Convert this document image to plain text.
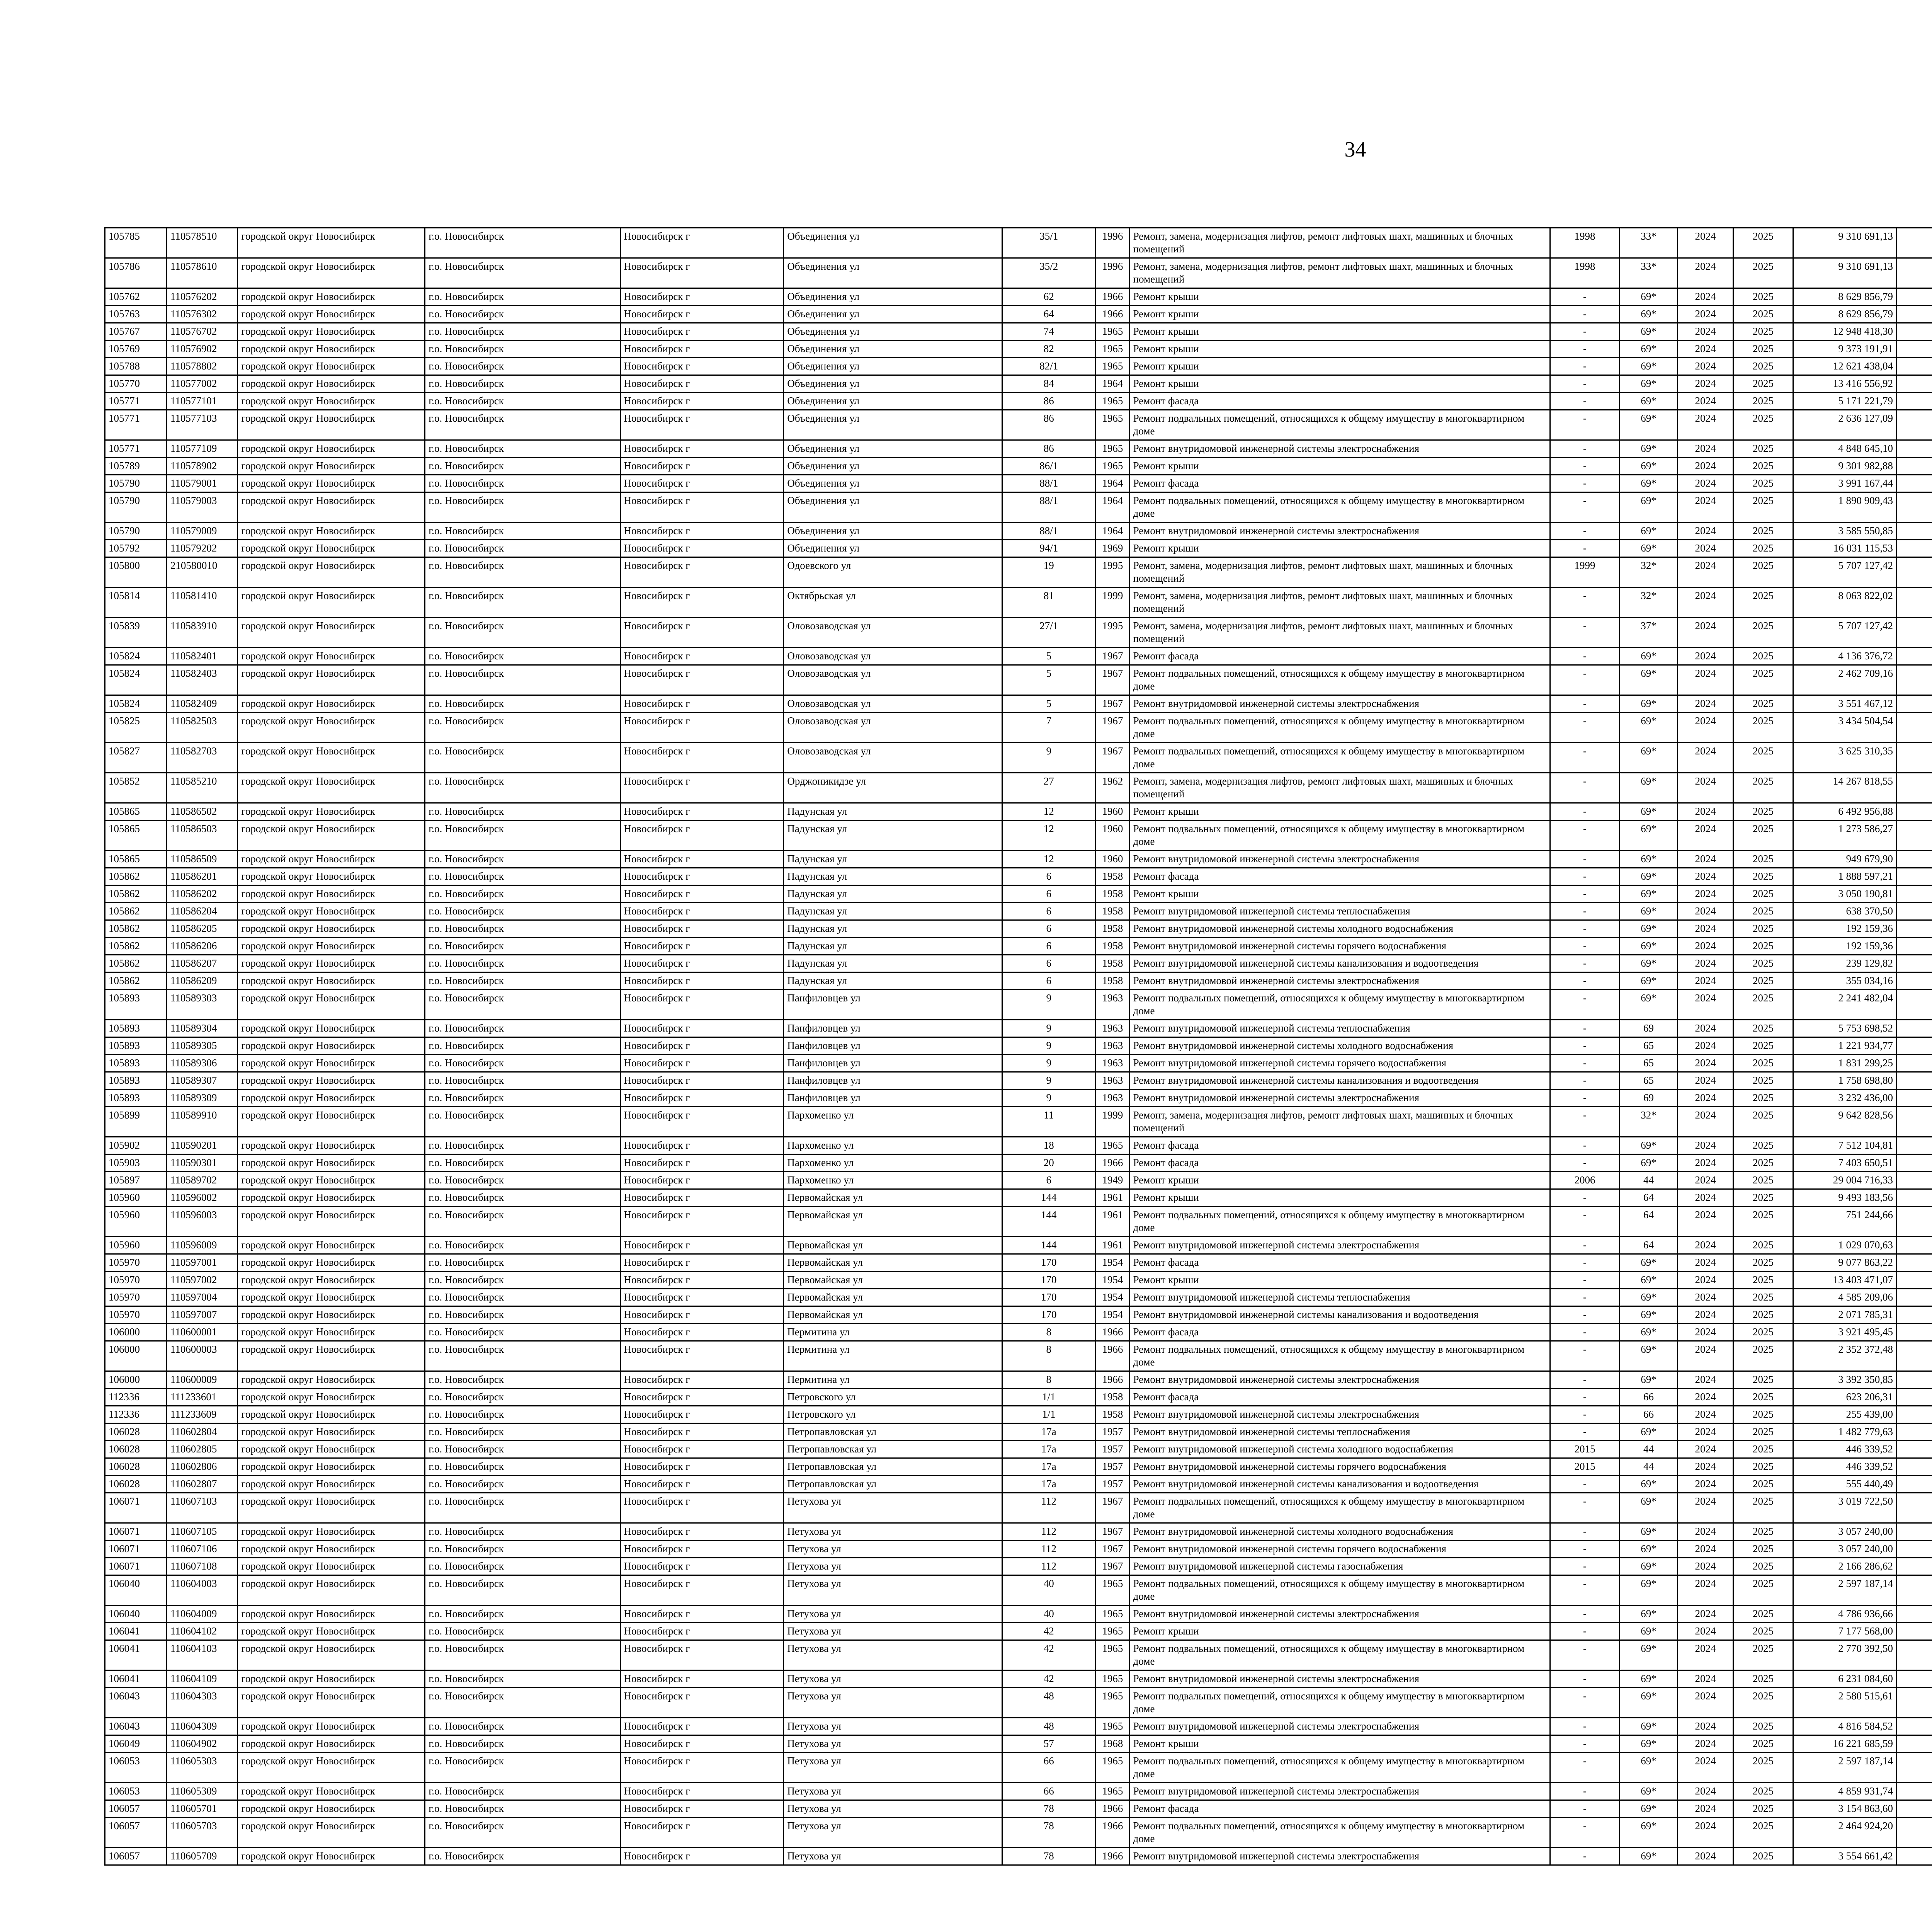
34
105785	110578510	городской округ Новосибирск	г.о. Новосибирск	Новосибирск г	Объединения ул	35/1	1996	Ремонт, замена, модернизация лифтов, ремонт лифтовых шахт, машинных и блочных помещений	1998	33*	2024	2025	9 310 691,13							
105786	110578610	городской округ Новосибирск	г.о. Новосибирск	Новосибирск г	Объединения ул	35/2	1996	Ремонт, замена, модернизация лифтов, ремонт лифтовых шахт, машинных и блочных помещений	1998	33*	2024	2025	9 310 691,13							
105762	110576202	городской округ Новосибирск	г.о. Новосибирск	Новосибирск г	Объединения ул	62	1966	Ремонт крыши	-	69*	2024	2025	8 629 856,79							
105763	110576302	городской округ Новосибирск	г.о. Новосибирск	Новосибирск г	Объединения ул	64	1966	Ремонт крыши	-	69*	2024	2025	8 629 856,79							
105767	110576702	городской округ Новосибирск	г.о. Новосибирск	Новосибирск г	Объединения ул	74	1965	Ремонт крыши	-	69*	2024	2025	12 948 418,30							
105769	110576902	городской округ Новосибирск	г.о. Новосибирск	Новосибирск г	Объединения ул	82	1965	Ремонт крыши	-	69*	2024	2025	9 373 191,91							
105788	110578802	городской округ Новосибирск	г.о. Новосибирск	Новосибирск г	Объединения ул	82/1	1965	Ремонт крыши	-	69*	2024	2025	12 621 438,04							
105770	110577002	городской округ Новосибирск	г.о. Новосибирск	Новосибирск г	Объединения ул	84	1964	Ремонт крыши	-	69*	2024	2025	13 416 556,92							
105771	110577101	городской округ Новосибирск	г.о. Новосибирск	Новосибирск г	Объединения ул	86	1965	Ремонт фасада	-	69*	2024	2025	5 171 221,79							
105771	110577103	городской округ Новосибирск	г.о. Новосибирск	Новосибирск г	Объединения ул	86	1965	Ремонт подвальных помещений, относящихся к общему имуществу в многоквартирном доме	-	69*	2024	2025	2 636 127,09							
105771	110577109	городской округ Новосибирск	г.о. Новосибирск	Новосибирск г	Объединения ул	86	1965	Ремонт внутридомовой инженерной системы электроснабжения	-	69*	2024	2025	4 848 645,10							
105789	110578902	городской округ Новосибирск	г.о. Новосибирск	Новосибирск г	Объединения ул	86/1	1965	Ремонт крыши	-	69*	2024	2025	9 301 982,88							
105790	110579001	городской округ Новосибирск	г.о. Новосибирск	Новосибирск г	Объединения ул	88/1	1964	Ремонт фасада	-	69*	2024	2025	3 991 167,44							
105790	110579003	городской округ Новосибирск	г.о. Новосибирск	Новосибирск г	Объединения ул	88/1	1964	Ремонт подвальных помещений, относящихся к общему имуществу в многоквартирном доме	-	69*	2024	2025	1 890 909,43							
105790	110579009	городской округ Новосибирск	г.о. Новосибирск	Новосибирск г	Объединения ул	88/1	1964	Ремонт внутридомовой инженерной системы электроснабжения	-	69*	2024	2025	3 585 550,85							
105792	110579202	городской округ Новосибирск	г.о. Новосибирск	Новосибирск г	Объединения ул	94/1	1969	Ремонт крыши	-	69*	2024	2025	16 031 115,53							
105800	210580010	городской округ Новосибирск	г.о. Новосибирск	Новосибирск г	Одоевского ул	19	1995	Ремонт, замена, модернизация лифтов, ремонт лифтовых шахт, машинных и блочных помещений	1999	32*	2024	2025	5 707 127,42							
105814	110581410	городской округ Новосибирск	г.о. Новосибирск	Новосибирск г	Октябрьская ул	81	1999	Ремонт, замена, модернизация лифтов, ремонт лифтовых шахт, машинных и блочных помещений	-	32*	2024	2025	8 063 822,02							
105839	110583910	городской округ Новосибирск	г.о. Новосибирск	Новосибирск г	Оловозаводская ул	27/1	1995	Ремонт, замена, модернизация лифтов, ремонт лифтовых шахт, машинных и блочных помещений	-	37*	2024	2025	5 707 127,42							
105824	110582401	городской округ Новосибирск	г.о. Новосибирск	Новосибирск г	Оловозаводская ул	5	1967	Ремонт фасада	-	69*	2024	2025	4 136 376,72							
105824	110582403	городской округ Новосибирск	г.о. Новосибирск	Новосибирск г	Оловозаводская ул	5	1967	Ремонт подвальных помещений, относящихся к общему имуществу в многоквартирном доме	-	69*	2024	2025	2 462 709,16							
105824	110582409	городской округ Новосибирск	г.о. Новосибирск	Новосибирск г	Оловозаводская ул	5	1967	Ремонт внутридомовой инженерной системы электроснабжения	-	69*	2024	2025	3 551 467,12							
105825	110582503	городской округ Новосибирск	г.о. Новосибирск	Новосибирск г	Оловозаводская ул	7	1967	Ремонт подвальных помещений, относящихся к общему имуществу в многоквартирном доме	-	69*	2024	2025	3 434 504,54							
105827	110582703	городской округ Новосибирск	г.о. Новосибирск	Новосибирск г	Оловозаводская ул	9	1967	Ремонт подвальных помещений, относящихся к общему имуществу в многоквартирном доме	-	69*	2024	2025	3 625 310,35							
105852	110585210	городской округ Новосибирск	г.о. Новосибирск	Новосибирск г	Орджоникидзе ул	27	1962	Ремонт, замена, модернизация лифтов, ремонт лифтовых шахт, машинных и блочных помещений	-	69*	2024	2025	14 267 818,55							
105865	110586502	городской округ Новосибирск	г.о. Новосибирск	Новосибирск г	Падунская ул	12	1960	Ремонт крыши	-	69*	2024	2025	6 492 956,88							
105865	110586503	городской округ Новосибирск	г.о. Новосибирск	Новосибирск г	Падунская ул	12	1960	Ремонт подвальных помещений, относящихся к общему имуществу в многоквартирном доме	-	69*	2024	2025	1 273 586,27							
105865	110586509	городской округ Новосибирск	г.о. Новосибирск	Новосибирск г	Падунская ул	12	1960	Ремонт внутридомовой инженерной системы электроснабжения	-	69*	2024	2025	949 679,90							
105862	110586201	городской округ Новосибирск	г.о. Новосибирск	Новосибирск г	Падунская ул	6	1958	Ремонт фасада	-	69*	2024	2025	1 888 597,21							
105862	110586202	городской округ Новосибирск	г.о. Новосибирск	Новосибирск г	Падунская ул	6	1958	Ремонт крыши	-	69*	2024	2025	3 050 190,81							
105862	110586204	городской округ Новосибирск	г.о. Новосибирск	Новосибирск г	Падунская ул	6	1958	Ремонт внутридомовой инженерной системы теплоснабжения	-	69*	2024	2025	638 370,50							
105862	110586205	городской округ Новосибирск	г.о. Новосибирск	Новосибирск г	Падунская ул	6	1958	Ремонт внутридомовой инженерной системы холодного водоснабжения	-	69*	2024	2025	192 159,36							
105862	110586206	городской округ Новосибирск	г.о. Новосибирск	Новосибирск г	Падунская ул	6	1958	Ремонт внутридомовой инженерной системы горячего водоснабжения	-	69*	2024	2025	192 159,36							
105862	110586207	городской округ Новосибирск	г.о. Новосибирск	Новосибирск г	Падунская ул	6	1958	Ремонт внутридомовой инженерной системы канализования и водоотведения	-	69*	2024	2025	239 129,82							
105862	110586209	городской округ Новосибирск	г.о. Новосибирск	Новосибирск г	Падунская ул	6	1958	Ремонт внутридомовой инженерной системы электроснабжения	-	69*	2024	2025	355 034,16							
105893	110589303	городской округ Новосибирск	г.о. Новосибирск	Новосибирск г	Панфиловцев ул	9	1963	Ремонт подвальных помещений, относящихся к общему имуществу в многоквартирном доме	-	69*	2024	2025	2 241 482,04							
105893	110589304	городской округ Новосибирск	г.о. Новосибирск	Новосибирск г	Панфиловцев ул	9	1963	Ремонт внутридомовой инженерной системы теплоснабжения	-	69	2024	2025	5 753 698,52							
105893	110589305	городской округ Новосибирск	г.о. Новосибирск	Новосибирск г	Панфиловцев ул	9	1963	Ремонт внутридомовой инженерной системы холодного водоснабжения	-	65	2024	2025	1 221 934,77							
105893	110589306	городской округ Новосибирск	г.о. Новосибирск	Новосибирск г	Панфиловцев ул	9	1963	Ремонт внутридомовой инженерной системы горячего водоснабжения	-	65	2024	2025	1 831 299,25							
105893	110589307	городской округ Новосибирск	г.о. Новосибирск	Новосибирск г	Панфиловцев ул	9	1963	Ремонт внутридомовой инженерной системы канализования и водоотведения	-	65	2024	2025	1 758 698,80							
105893	110589309	городской округ Новосибирск	г.о. Новосибирск	Новосибирск г	Панфиловцев ул	9	1963	Ремонт внутридомовой инженерной системы электроснабжения	-	69	2024	2025	3 232 436,00							
105899	110589910	городской округ Новосибирск	г.о. Новосибирск	Новосибирск г	Пархоменко ул	11	1999	Ремонт, замена, модернизация лифтов, ремонт лифтовых шахт, машинных и блочных помещений	-	32*	2024	2025	9 642 828,56							
105902	110590201	городской округ Новосибирск	г.о. Новосибирск	Новосибирск г	Пархоменко ул	18	1965	Ремонт фасада	-	69*	2024	2025	7 512 104,81							
105903	110590301	городской округ Новосибирск	г.о. Новосибирск	Новосибирск г	Пархоменко ул	20	1966	Ремонт фасада	-	69*	2024	2025	7 403 650,51							
105897	110589702	городской округ Новосибирск	г.о. Новосибирск	Новосибирск г	Пархоменко ул	6	1949	Ремонт крыши	2006	44	2024	2025	29 004 716,33							
105960	110596002	городской округ Новосибирск	г.о. Новосибирск	Новосибирск г	Первомайская ул	144	1961	Ремонт крыши	-	64	2024	2025	9 493 183,56							
105960	110596003	городской округ Новосибирск	г.о. Новосибирск	Новосибирск г	Первомайская ул	144	1961	Ремонт подвальных помещений, относящихся к общему имуществу в многоквартирном доме	-	64	2024	2025	751 244,66							
105960	110596009	городской округ Новосибирск	г.о. Новосибирск	Новосибирск г	Первомайская ул	144	1961	Ремонт внутридомовой инженерной системы электроснабжения	-	64	2024	2025	1 029 070,63							
105970	110597001	городской округ Новосибирск	г.о. Новосибирск	Новосибирск г	Первомайская ул	170	1954	Ремонт фасада	-	69*	2024	2025	9 077 863,22							
105970	110597002	городской округ Новосибирск	г.о. Новосибирск	Новосибирск г	Первомайская ул	170	1954	Ремонт крыши	-	69*	2024	2025	13 403 471,07							
105970	110597004	городской округ Новосибирск	г.о. Новосибирск	Новосибирск г	Первомайская ул	170	1954	Ремонт внутридомовой инженерной системы теплоснабжения	-	69*	2024	2025	4 585 209,06							
105970	110597007	городской округ Новосибирск	г.о. Новосибирск	Новосибирск г	Первомайская ул	170	1954	Ремонт внутридомовой инженерной системы канализования и водоотведения	-	69*	2024	2025	2 071 785,31							
106000	110600001	городской округ Новосибирск	г.о. Новосибирск	Новосибирск г	Пермитина ул	8	1966	Ремонт фасада	-	69*	2024	2025	3 921 495,45							
106000	110600003	городской округ Новосибирск	г.о. Новосибирск	Новосибирск г	Пермитина ул	8	1966	Ремонт подвальных помещений, относящихся к общему имуществу в многоквартирном доме	-	69*	2024	2025	2 352 372,48							
106000	110600009	городской округ Новосибирск	г.о. Новосибирск	Новосибирск г	Пермитина ул	8	1966	Ремонт внутридомовой инженерной системы электроснабжения	-	69*	2024	2025	3 392 350,85							
112336	111233601	городской округ Новосибирск	г.о. Новосибирск	Новосибирск г	Петровского ул	1/1	1958	Ремонт фасада	-	66	2024	2025	623 206,31							
112336	111233609	городской округ Новосибирск	г.о. Новосибирск	Новосибирск г	Петровского ул	1/1	1958	Ремонт внутридомовой инженерной системы электроснабжения	-	66	2024	2025	255 439,00							
106028	110602804	городской округ Новосибирск	г.о. Новосибирск	Новосибирск г	Петропавловская ул	17а	1957	Ремонт внутридомовой инженерной системы теплоснабжения	-	69*	2024	2025	1 482 779,63							
106028	110602805	городской округ Новосибирск	г.о. Новосибирск	Новосибирск г	Петропавловская ул	17а	1957	Ремонт внутридомовой инженерной системы холодного водоснабжения	2015	44	2024	2025	446 339,52							
106028	110602806	городской округ Новосибирск	г.о. Новосибирск	Новосибирск г	Петропавловская ул	17а	1957	Ремонт внутридомовой инженерной системы горячего водоснабжения	2015	44	2024	2025	446 339,52							
106028	110602807	городской округ Новосибирск	г.о. Новосибирск	Новосибирск г	Петропавловская ул	17а	1957	Ремонт внутридомовой инженерной системы канализования и водоотведения	-	69*	2024	2025	555 440,49							
106071	110607103	городской округ Новосибирск	г.о. Новосибирск	Новосибирск г	Петухова ул	112	1967	Ремонт подвальных помещений, относящихся к общему имуществу в многоквартирном доме	-	69*	2024	2025	3 019 722,50							
106071	110607105	городской округ Новосибирск	г.о. Новосибирск	Новосибирск г	Петухова ул	112	1967	Ремонт внутридомовой инженерной системы холодного водоснабжения	-	69*	2024	2025	3 057 240,00							
106071	110607106	городской округ Новосибирск	г.о. Новосибирск	Новосибирск г	Петухова ул	112	1967	Ремонт внутридомовой инженерной системы горячего водоснабжения	-	69*	2024	2025	3 057 240,00							
106071	110607108	городской округ Новосибирск	г.о. Новосибирск	Новосибирск г	Петухова ул	112	1967	Ремонт внутридомовой инженерной системы газоснабжения	-	69*	2024	2025	2 166 286,62							
106040	110604003	городской округ Новосибирск	г.о. Новосибирск	Новосибирск г	Петухова ул	40	1965	Ремонт подвальных помещений, относящихся к общему имуществу в многоквартирном доме	-	69*	2024	2025	2 597 187,14							
106040	110604009	городской округ Новосибирск	г.о. Новосибирск	Новосибирск г	Петухова ул	40	1965	Ремонт внутридомовой инженерной системы электроснабжения	-	69*	2024	2025	4 786 936,66							
106041	110604102	городской округ Новосибирск	г.о. Новосибирск	Новосибирск г	Петухова ул	42	1965	Ремонт крыши	-	69*	2024	2025	7 177 568,00							
106041	110604103	городской округ Новосибирск	г.о. Новосибирск	Новосибирск г	Петухова ул	42	1965	Ремонт подвальных помещений, относящихся к общему имуществу в многоквартирном доме	-	69*	2024	2025	2 770 392,50							
106041	110604109	городской округ Новосибирск	г.о. Новосибирск	Новосибирск г	Петухова ул	42	1965	Ремонт внутридомовой инженерной системы электроснабжения	-	69*	2024	2025	6 231 084,60							
106043	110604303	городской округ Новосибирск	г.о. Новосибирск	Новосибирск г	Петухова ул	48	1965	Ремонт подвальных помещений, относящихся к общему имуществу в многоквартирном доме	-	69*	2024	2025	2 580 515,61							
106043	110604309	городской округ Новосибирск	г.о. Новосибирск	Новосибирск г	Петухова ул	48	1965	Ремонт внутридомовой инженерной системы электроснабжения	-	69*	2024	2025	4 816 584,52							
106049	110604902	городской округ Новосибирск	г.о. Новосибирск	Новосибирск г	Петухова ул	57	1968	Ремонт крыши	-	69*	2024	2025	16 221 685,59							
106053	110605303	городской округ Новосибирск	г.о. Новосибирск	Новосибирск г	Петухова ул	66	1965	Ремонт подвальных помещений, относящихся к общему имуществу в многоквартирном доме	-	69*	2024	2025	2 597 187,14							
106053	110605309	городской округ Новосибирск	г.о. Новосибирск	Новосибирск г	Петухова ул	66	1965	Ремонт внутридомовой инженерной системы электроснабжения	-	69*	2024	2025	4 859 931,74							
106057	110605701	городской округ Новосибирск	г.о. Новосибирск	Новосибирск г	Петухова ул	78	1966	Ремонт фасада	-	69*	2024	2025	3 154 863,60							
106057	110605703	городской округ Новосибирск	г.о. Новосибирск	Новосибирск г	Петухова ул	78	1966	Ремонт подвальных помещений, относящихся к общему имуществу в многоквартирном доме	-	69*	2024	2025	2 464 924,20							
106057	110605709	городской округ Новосибирск	г.о. Новосибирск	Новосибирск г	Петухова ул	78	1966	Ремонт внутридомовой инженерной системы электроснабжения	-	69*	2024	2025	3 554 661,42							
